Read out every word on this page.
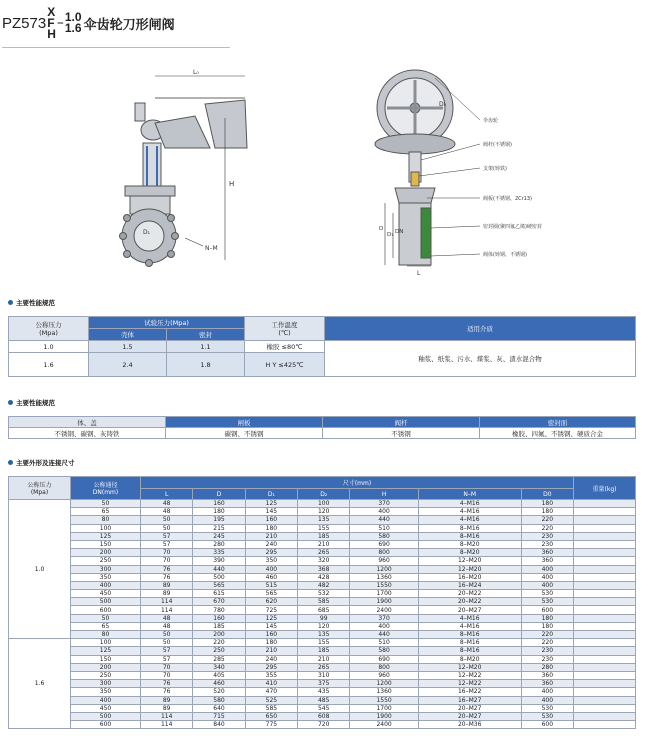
PZ573
X
F
H
– 1.0
1.6 伞齿轮刀形闸阀
L₀
H
D₁
N–M
D₀
D
D₁ DN
L
伞齿轮
阀杆(不锈钢)
支架(铸铁)
阀板(不锈钢、2Cr13)
密封圈(聚四氟乙烯)硬密封
阀体(铸钢、不锈钢)
主要性能规范
公称压力
(Mpa)	试验压力(Mpa)		工作温度
(℃)	适用介质
	壳体	密封		
1.0	1.5	1.1	橡胶 ≤80℃	釉浆、纸浆、污水、煤浆、灰、渣水混合物
1.6	2.4	1.8	H Y ≤425℃	
主要性能规范
体、盖	闸板	阀杆	密封面
不锈钢、碳钢、灰铸铁	碳钢、不锈钢	不锈钢	橡胶、四氟、不锈钢、硬质合金
主要外形及连接尺寸
公称压力
(Mpa)	公称通径
DN(mm)	尺寸(mm)							重量(kg)
		L	D	D₁	D₂	H	N–M	D0	
1.0	50	48	160	125	100	370	4–M16	180	
	65	48	180	145	120	400	4–M16	180	
	80	50	195	160	135	440	4–M16	220	
	100	50	215	180	155	510	8–M16	220	
	125	57	245	210	185	580	8–M16	230	
	150	57	280	240	210	690	8–M20	230	
	200	70	335	295	265	800	8–M20	360	
	250	70	390	350	320	960	12–M20	360	
	300	76	440	400	368	1200	12–M20	400	
	350	76	500	460	428	1360	16–M20	400	
	400	89	565	515	482	1550	16–M24	400	
	450	89	615	565	532	1700	20–M22	530	
	500	114	670	620	585	1900	20–M22	530	
	600	114	780	725	685	2400	20–M27	600	
	50	48	160	125	99	370	4–M16	180	
	65	48	185	145	120	400	4–M16	180	
	80	50	200	160	135	440	8–M16	220	
1.6	100	50	220	180	155	510	8–M16	220	
	125	57	250	210	185	580	8–M16	230	
	150	57	285	240	210	690	8–M20	230	
	200	70	340	295	265	800	12–M20	280	
	250	70	405	355	310	960	12–M22	360	
	300	76	460	410	375	1200	12–M22	360	
	350	76	520	470	435	1360	16–M22	400	
	400	89	580	525	485	1550	16–M27	400	
	450	89	640	585	545	1700	20–M27	530	
	500	114	715	650	608	1900	20–M27	530	
	600	114	840	775	720	2400	20–M36	600	
